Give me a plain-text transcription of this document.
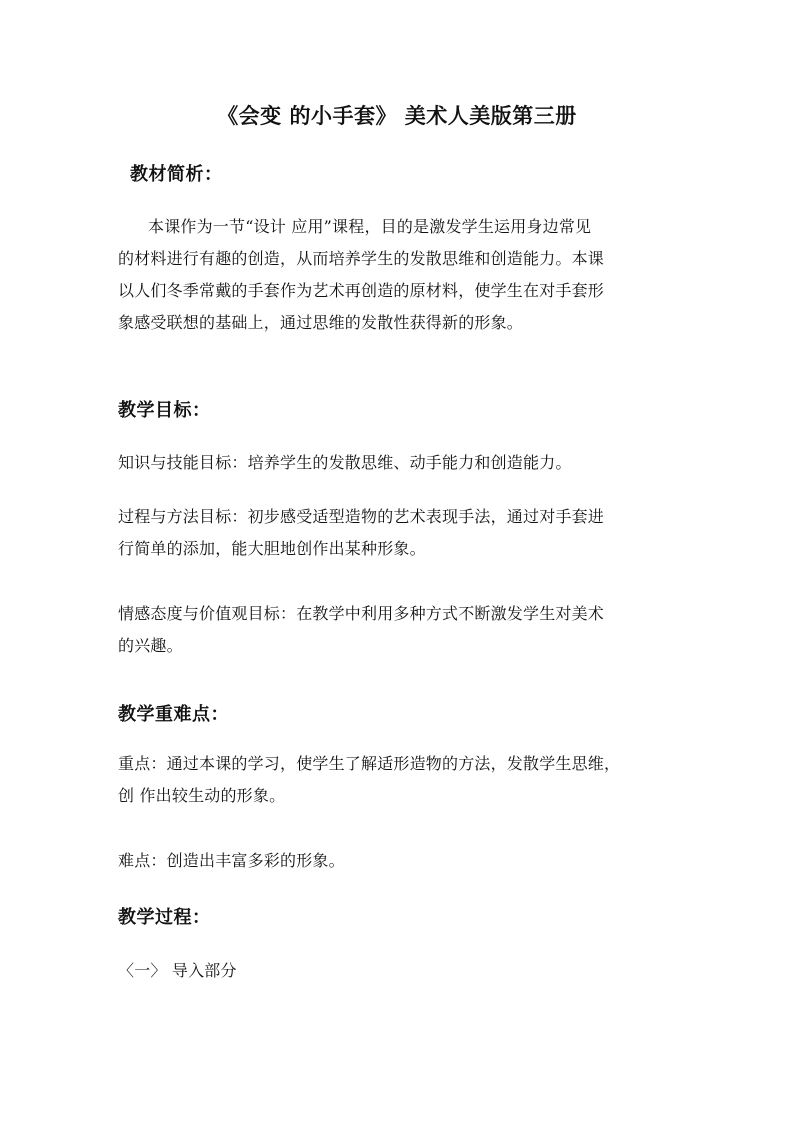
《会变 的小手套》 美术人美版第三册
教材简析：
本课作为一节“设计 应用”课程，目的是激发学生运用身边常见
的材料进行有趣的创造，从而培养学生的发散思维和创造能力。本课
以人们冬季常戴的手套作为艺术再创造的原材料，使学生在对手套形
象感受联想的基础上，通过思维的发散性获得新的形象。
教学目标：
知识与技能目标：培养学生的发散思维、动手能力和创造能力。
过程与方法目标：初步感受适型造物的艺术表现手法，通过对手套进
行简单的添加，能大胆地创作出某种形象。
情感态度与价值观目标：在教学中利用多种方式不断激发学生对美术
的兴趣。
教学重难点：
重点：通过本课的学习，使学生了解适形造物的方法，发散学生思维，
创 作出较生动的形象。
难点：创造出丰富多彩的形象。
教学过程：
〈一〉 导入部分
